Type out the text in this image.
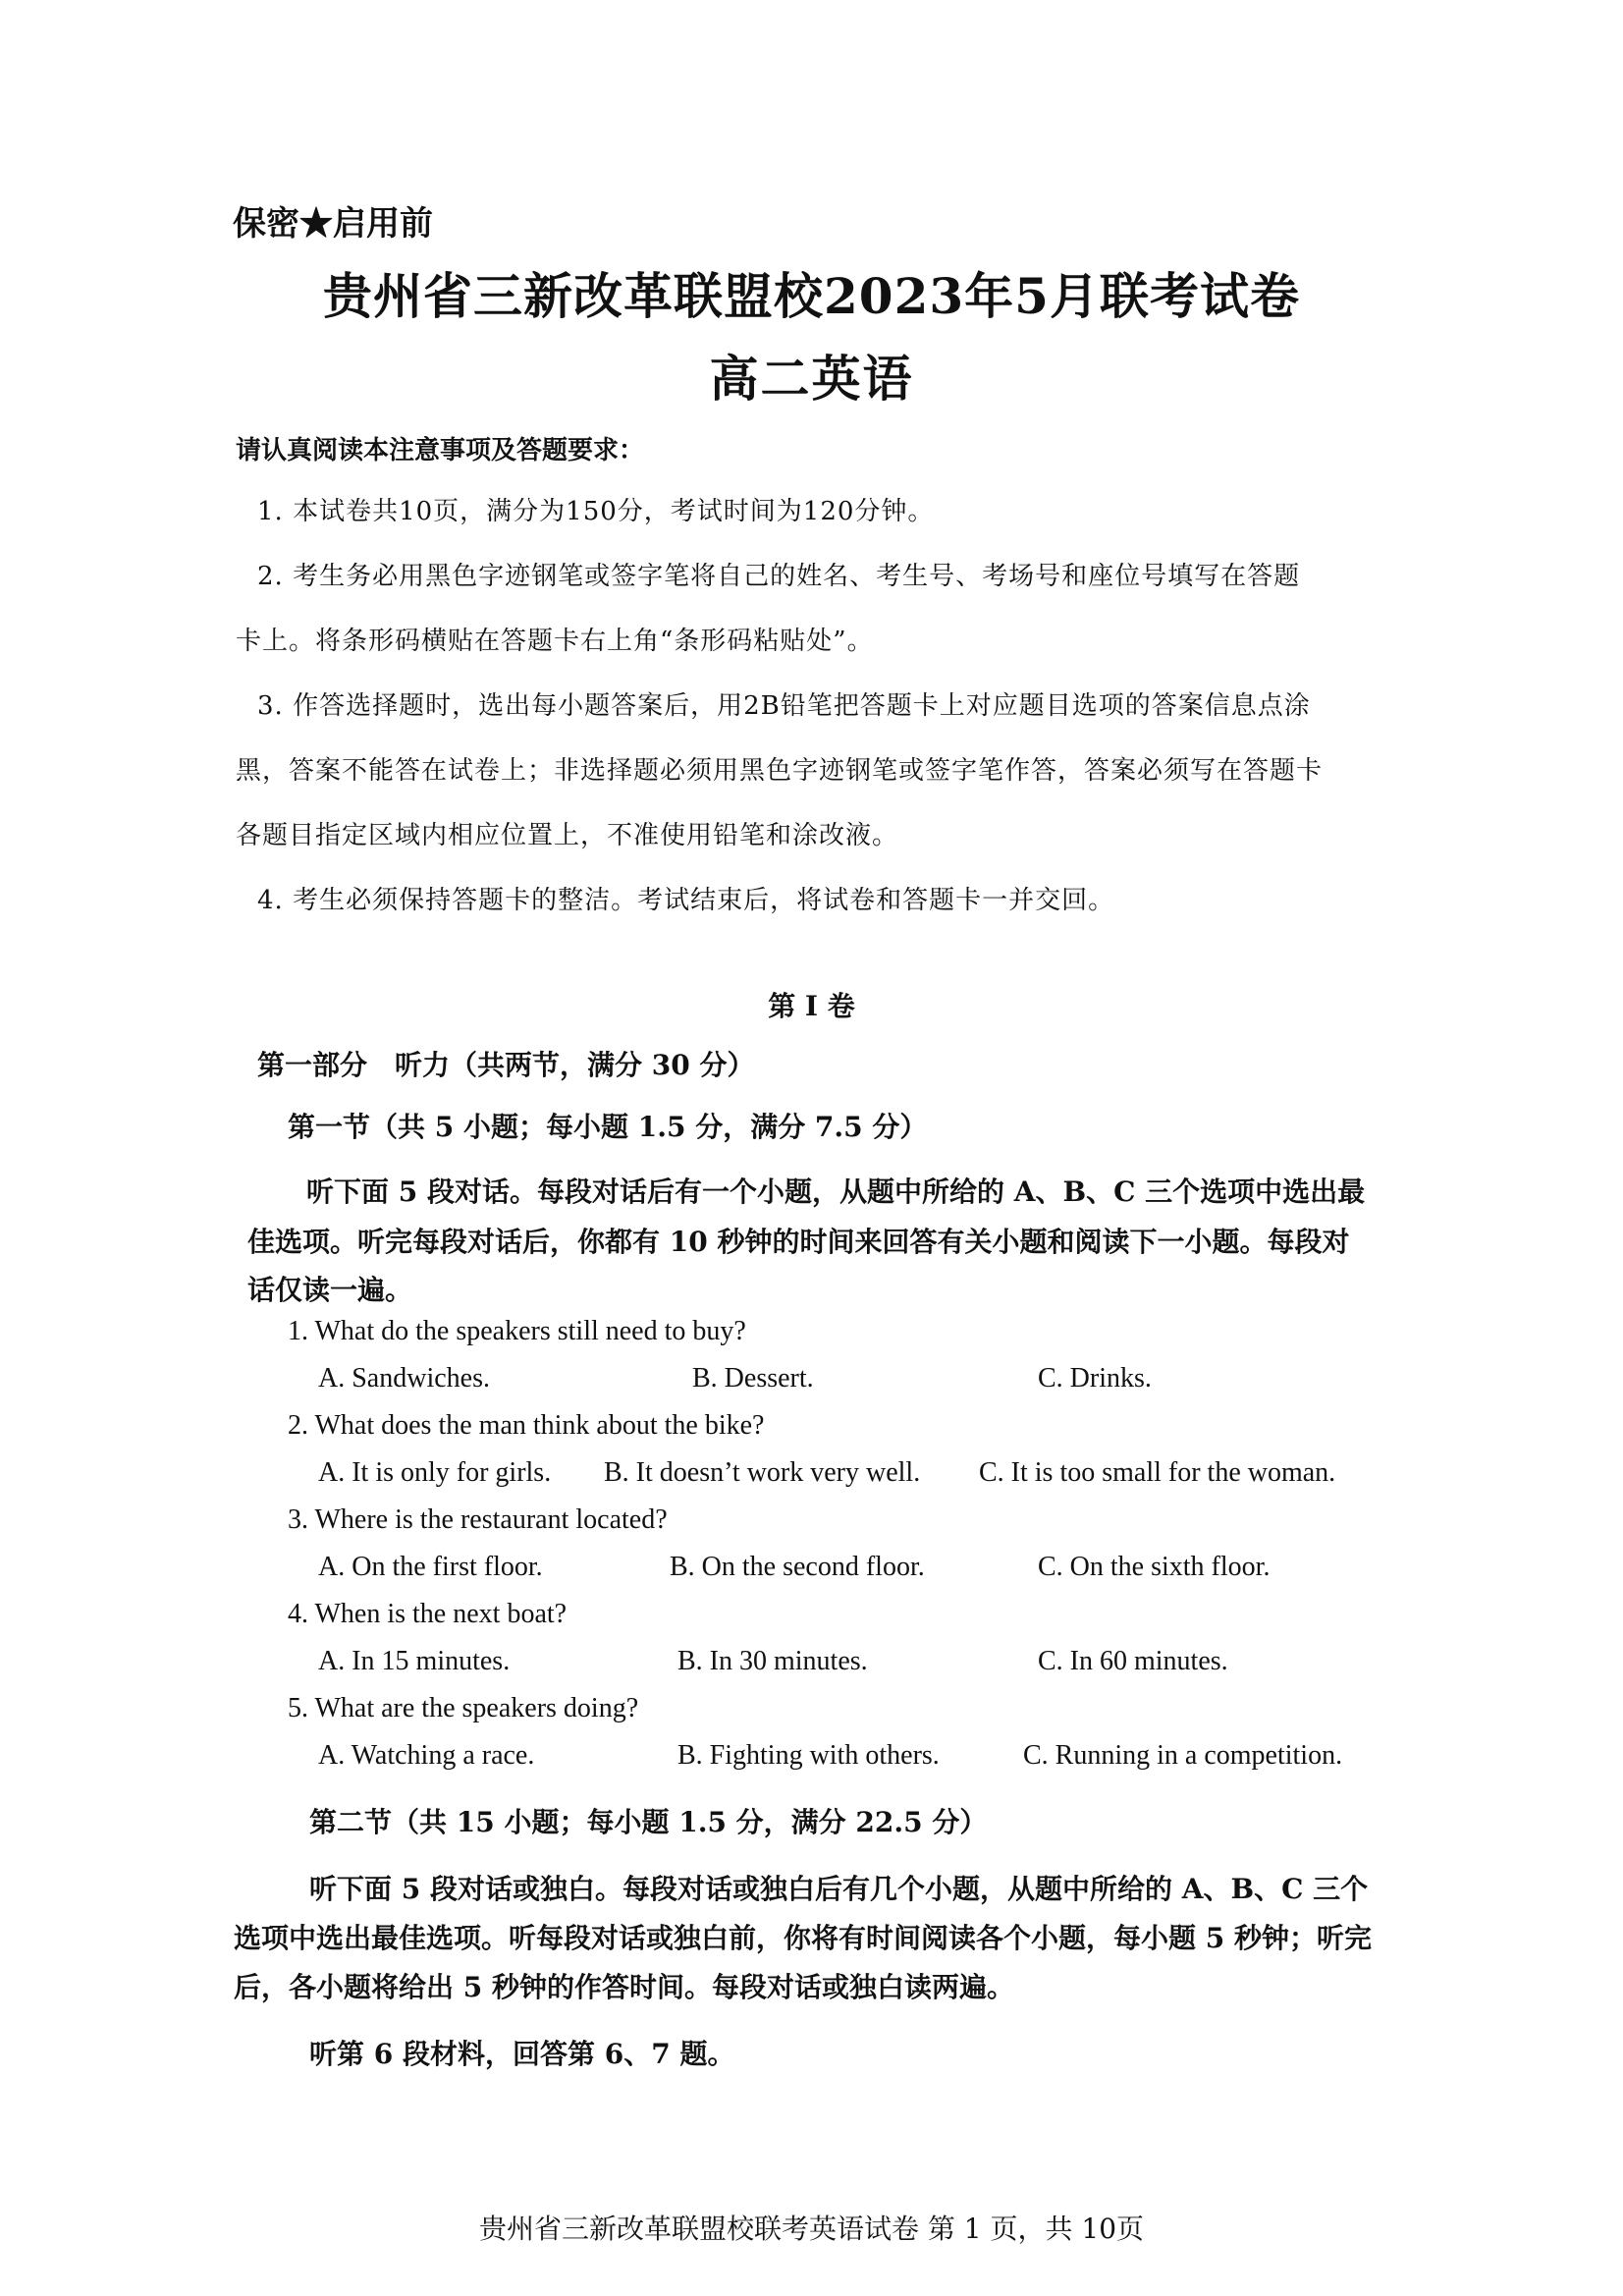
保密★启用前
贵州省三新改革联盟校2023年5月联考试卷
高二英语
请认真阅读本注意事项及答题要求：
1. 本试卷共10页，满分为150分，考试时间为120分钟。
2. 考生务必用黑色字迹钢笔或签字笔将自己的姓名、考生号、考场号和座位号填写在答题
卡上。将条形码横贴在答题卡右上角“条形码粘贴处”。
3. 作答选择题时，选出每小题答案后，用2B铅笔把答题卡上对应题目选项的答案信息点涂
黑，答案不能答在试卷上；非选择题必须用黑色字迹钢笔或签字笔作答，答案必须写在答题卡
各题目指定区域内相应位置上，不准使用铅笔和涂改液。
4. 考生必须保持答题卡的整洁。考试结束后，将试卷和答题卡一并交回。
第 I 卷
第一部分　听力（共两节，满分 30 分）
第一节（共 5 小题；每小题 1.5 分，满分 7.5 分）
听下面 5 段对话。每段对话后有一个小题，从题中所给的 A、B、C 三个选项中选出最
佳选项。听完每段对话后，你都有 10 秒钟的时间来回答有关小题和阅读下一小题。每段对
话仅读一遍。
1. What do the speakers still need to buy?
A. Sandwiches.	B. Dessert.	C. Drinks.
2. What does the man think about the bike?
A. It is only for girls. B. It doesn’t work very well. C. It is too small for the woman.
3. Where is the restaurant located?
A. On the first floor.	B. On the second floor.	C. On the sixth floor.
4. When is the next boat?
A. In 15 minutes.	B. In 30 minutes.	C. In 60 minutes.
5. What are the speakers doing?
A. Watching a race.	B. Fighting with others.	C. Running in a competition.
第二节（共 15 小题；每小题 1.5 分，满分 22.5 分）
听下面 5 段对话或独白。每段对话或独白后有几个小题，从题中所给的 A、B、C 三个
选项中选出最佳选项。听每段对话或独白前，你将有时间阅读各个小题，每小题 5 秒钟；听完
后，各小题将给出 5 秒钟的作答时间。每段对话或独白读两遍。
听第 6 段材料，回答第 6、7 题。
贵州省三新改革联盟校联考英语试卷 第 1 页，共 10页
